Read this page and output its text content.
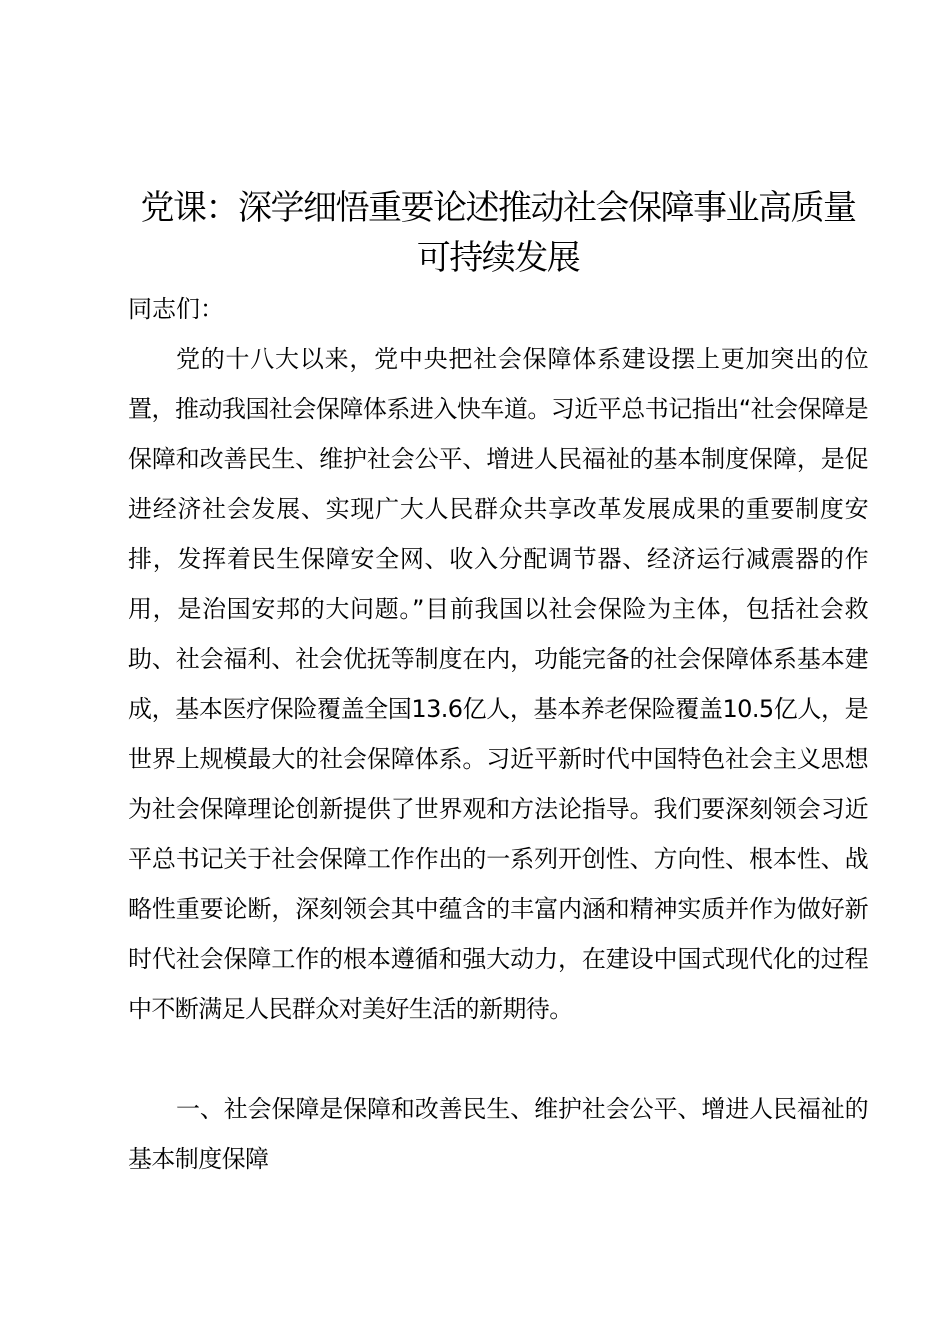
党课：深学细悟重要论述推动社会保障事业高质量可持续发展

同志们：

党的十八大以来，党中央把社会保障体系建设摆上更加突出的位置，推动我国社会保障体系进入快车道。习近平总书记指出“社会保障是保障和改善民生、维护社会公平、增进人民福祉的基本制度保障，是促进经济社会发展、实现广大人民群众共享改革发展成果的重要制度安排，发挥着民生保障安全网、收入分配调节器、经济运行减震器的作用，是治国安邦的大问题。”目前我国以社会保险为主体，包括社会救助、社会福利、社会优抚等制度在内，功能完备的社会保障体系基本建成，基本医疗保险覆盖全国13.6亿人，基本养老保险覆盖10.5亿人，是世界上规模最大的社会保障体系。习近平新时代中国特色社会主义思想为社会保障理论创新提供了世界观和方法论指导。我们要深刻领会习近平总书记关于社会保障工作作出的一系列开创性、方向性、根本性、战略性重要论断，深刻领会其中蕴含的丰富内涵和精神实质并作为做好新时代社会保障工作的根本遵循和强大动力，在建设中国式现代化的过程中不断满足人民群众对美好生活的新期待。

一、社会保障是保障和改善民生、维护社会公平、增进人民福祉的基本制度保障
